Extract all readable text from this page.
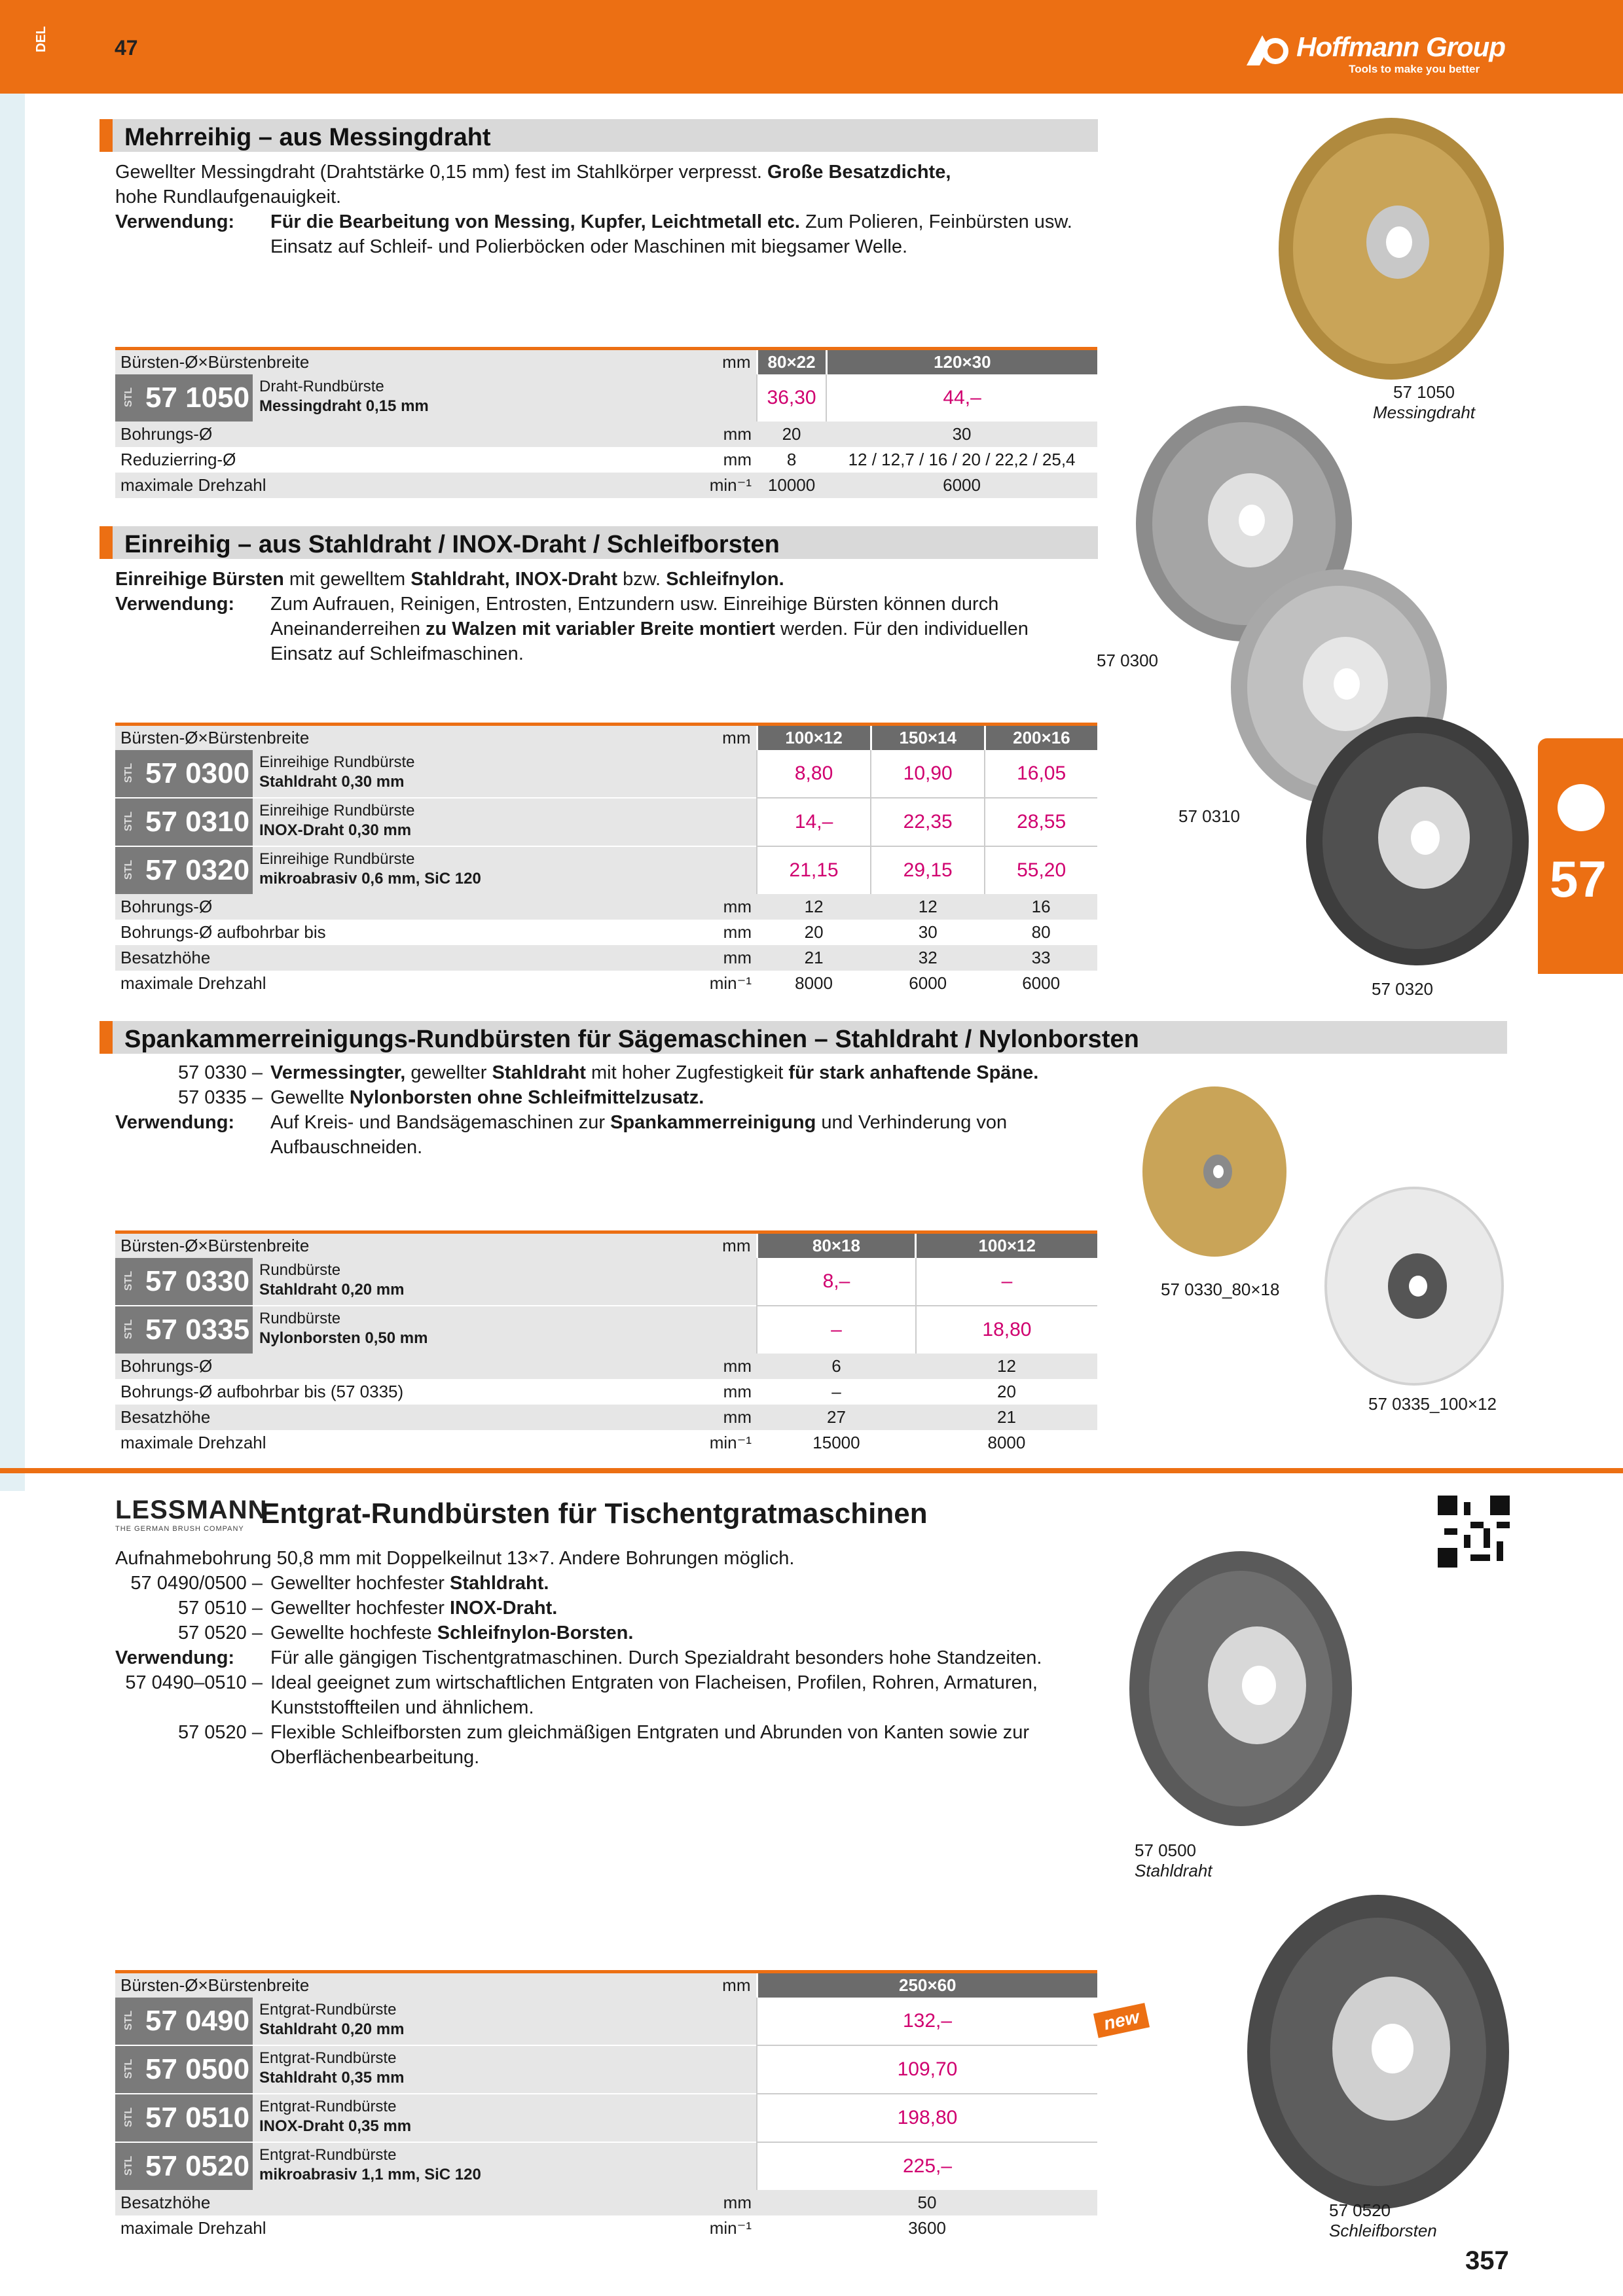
DEL	47	Hoffmann Group
Tools to make you better
57
Mehrreihig – aus Messingdraht
Gewellter Messingdraht (Drahtstärke 0,15 mm) fest im Stahlkörper verpresst. Große Besatzdichte,
hohe Rundlaufgenauigkeit.
Verwendung: Für die Bearbeitung von Messing, Kupfer, Leichtmetall etc. Zum Polieren, Feinbürsten usw.
Einsatz auf Schleif- und Polierböcken oder Maschinen mit biegsamer Welle.
Bürsten-Ø×Bürstenbreite	mm	80×22	120×30

STL 57 1050 Draht-Rundbürste
Messingdraht 0,15 mm		36,30	44,–
Bohrungs-Ø	mm	20	30
Reduzierring-Ø	mm	8	12 / 12,7 / 16 / 20 / 22,2 / 25,4
maximale Drehzahl	min⁻¹	10000	6000
57 1050
Messingdraht
Einreihig – aus Stahldraht / INOX-Draht / Schleifborsten
Einreihige Bürsten mit gewelltem Stahldraht, INOX-Draht bzw. Schleifnylon.
Verwendung: Zum Aufrauen, Reinigen, Entrosten, Entzundern usw. Einreihige Bürsten können durch
Aneinanderreihen zu Walzen mit variabler Breite montiert werden. Für den individuellen
Einsatz auf Schleifmaschinen.
Bürsten-Ø×Bürstenbreite	mm	100×12	150×14	200×16

STL 57 0300 Einreihige Rundbürste
Stahldraht 0,30 mm		8,80	10,90	16,05

STL 57 0310 Einreihige Rundbürste
INOX-Draht 0,30 mm		14,–	22,35	28,55

STL 57 0320 Einreihige Rundbürste
mikroabrasiv 0,6 mm, SiC 120		21,15	29,15	55,20
Bohrungs-Ø	mm	12	12	16
Bohrungs-Ø aufbohrbar bis	mm	20	30	80
Besatzhöhe	mm	21	32	33
maximale Drehzahl	min⁻¹	8000	6000	6000
57 0300
57 0310
57 0320
Spankammerreinigungs-Rundbürsten für Sägemaschinen – Stahldraht / Nylonborsten
57 0330 – Vermessingter, gewellter Stahldraht mit hoher Zugfestigkeit für stark anhaftende Späne.
57 0335 – Gewellte Nylonborsten ohne Schleifmittelzusatz.
Verwendung: Auf Kreis- und Bandsägemaschinen zur Spankammerreinigung und Verhinderung von
Aufbauschneiden.
Bürsten-Ø×Bürstenbreite	mm	80×18	100×12

STL 57 0330 Rundbürste
Stahldraht 0,20 mm		8,–	–

STL 57 0335 Rundbürste
Nylonborsten 0,50 mm		–	18,80
Bohrungs-Ø	mm	6	12
Bohrungs-Ø aufbohrbar bis (57 0335)	mm	–	20
Besatzhöhe	mm	27	21
maximale Drehzahl	min⁻¹	15000	8000
57 0330_80×18
57 0335_100×12
LESSMANN
THE GERMAN BRUSH COMPANY Entgrat-Rundbürsten für Tischentgratmaschinen
Aufnahmebohrung 50,8 mm mit Doppelkeilnut 13×7. Andere Bohrungen möglich.
57 0490/0500 – Gewellter hochfester Stahldraht.
57 0510 – Gewellter hochfester INOX-Draht.
57 0520 – Gewellte hochfeste Schleifnylon-Borsten.
Verwendung: Für alle gängigen Tischentgratmaschinen. Durch Spezialdraht besonders hohe Standzeiten.
57 0490–0510 – Ideal geeignet zum wirtschaftlichen Entgraten von Flacheisen, Profilen, Rohren, Armaturen,
Kunststoffteilen und ähnlichem.
57 0520 – Flexible Schleifborsten zum gleichmäßigen Entgraten und Abrunden von Kanten sowie zur
Oberflächenbearbeitung.
Bürsten-Ø×Bürstenbreite	mm	250×60

STL 57 0490 Entgrat-Rundbürste
Stahldraht 0,20 mm		132,–

STL 57 0500 Entgrat-Rundbürste
Stahldraht 0,35 mm		109,70

STL 57 0510 Entgrat-Rundbürste
INOX-Draht 0,35 mm		198,80

STL 57 0520 Entgrat-Rundbürste
mikroabrasiv 1,1 mm, SiC 120		225,–
Besatzhöhe	mm	50
maximale Drehzahl	min⁻¹	3600
new
57 0500
Stahldraht
57 0520
Schleifborsten
357
